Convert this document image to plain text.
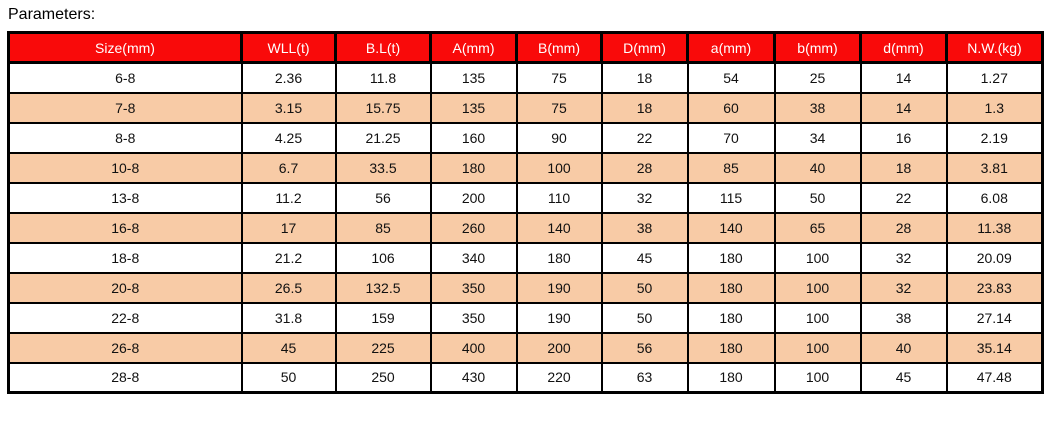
Parameters:
Size(mm)	WLL(t)	B.L(t)	A(mm)	B(mm)	D(mm)	a(mm)	b(mm)	d(mm)	N.W.(kg)
6-8	2.36	11.8	135	75	18	54	25	14	1.27
7-8	3.15	15.75	135	75	18	60	38	14	1.3
8-8	4.25	21.25	160	90	22	70	34	16	2.19
10-8	6.7	33.5	180	100	28	85	40	18	3.81
13-8	11.2	56	200	110	32	115	50	22	6.08
16-8	17	85	260	140	38	140	65	28	11.38
18-8	21.2	106	340	180	45	180	100	32	20.09
20-8	26.5	132.5	350	190	50	180	100	32	23.83
22-8	31.8	159	350	190	50	180	100	38	27.14
26-8	45	225	400	200	56	180	100	40	35.14
28-8	50	250	430	220	63	180	100	45	47.48
